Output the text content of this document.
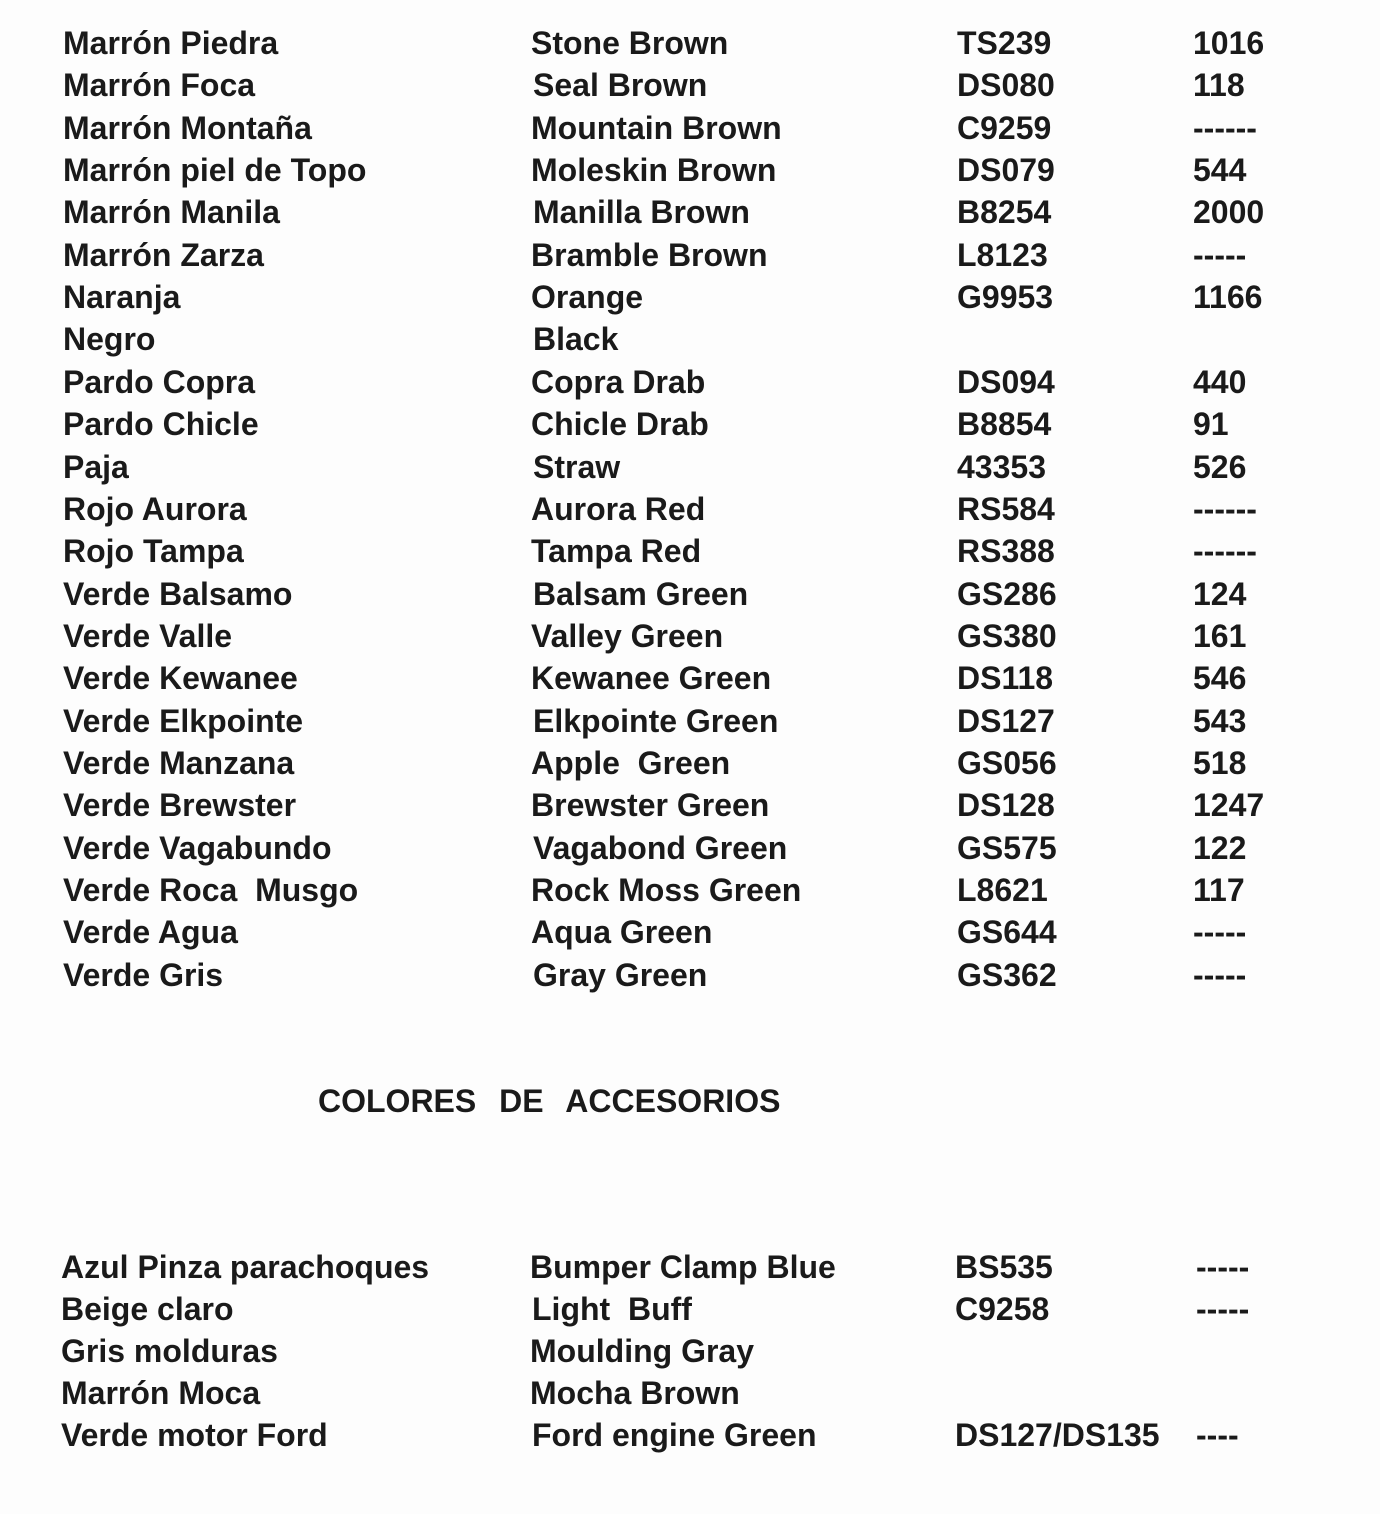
Marrón Piedra	Stone Brown	TS239	1016
Marrón Foca	Seal Brown	DS080	118
Marrón Montaña	Mountain Brown	C9259	------
Marrón piel de Topo	Moleskin Brown	DS079	544
Marrón Manila	Manilla Brown	B8254	2000
Marrón Zarza	Bramble Brown	L8123	-----
Naranja	Orange	G9953	1166
Negro	Black
Pardo Copra	Copra Drab	DS094	440
Pardo Chicle	Chicle Drab	B8854	91
Paja	Straw	43353	526
Rojo Aurora	Aurora Red	RS584	------
Rojo Tampa	Tampa Red	RS388	------
Verde Balsamo	Balsam Green	GS286	124
Verde Valle	Valley Green	GS380	161
Verde Kewanee	Kewanee Green	DS118	546
Verde Elkpointe	Elkpointe Green	DS127	543
Verde Manzana	Apple  Green	GS056	518
Verde Brewster	Brewster Green	DS128	1247
Verde Vagabundo	Vagabond Green	GS575	122
Verde Roca  Musgo	Rock Moss Green	L8621	117
Verde Agua	Aqua Green	GS644	-----
Verde Gris	Gray Green	GS362	-----
COLORES DE ACCESORIOS
Azul Pinza parachoques	Bumper Clamp Blue	BS535	-----
Beige claro	Light  Buff	C9258	-----
Gris molduras	Moulding Gray
Marrón Moca	Mocha Brown
Verde motor Ford	Ford engine Green	DS127/DS135 ----
